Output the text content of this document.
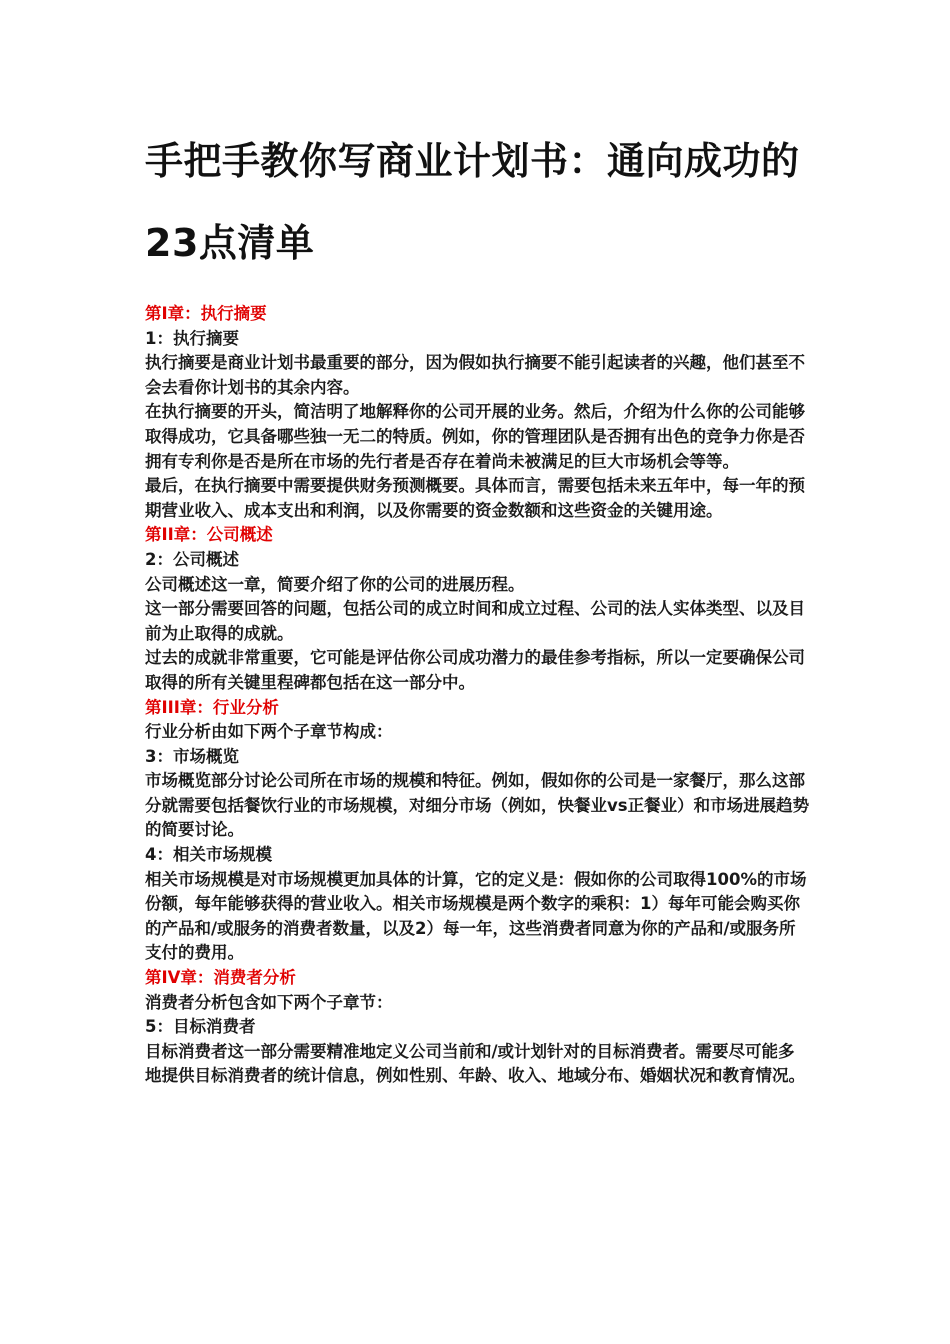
手把手教你写商业计划书：通向成功的
23点清单

第I章：执行摘要

1：执行摘要

执行摘要是商业计划书最重要的部分，因为假如执行摘要不能引起读者的兴趣，他们甚至不会去看你计划书的其余内容。

在执行摘要的开头，简洁明了地解释你的公司开展的业务。然后，介绍为什么你的公司能够取得成功，它具备哪些独一无二的特质。例如，你的管理团队是否拥有出色的竞争力你是否拥有专利你是否是所在市场的先行者是否存在着尚未被满足的巨大市场机会等等。

最后，在执行摘要中需要提供财务预测概要。具体而言，需要包括未来五年中，每一年的预期营业收入、成本支出和利润，以及你需要的资金数额和这些资金的关键用途。

第II章：公司概述

2：公司概述

公司概述这一章，简要介绍了你的公司的进展历程。

这一部分需要回答的问题，包括公司的成立时间和成立过程、公司的法人实体类型、以及目前为止取得的成就。

过去的成就非常重要，它可能是评估你公司成功潜力的最佳参考指标，所以一定要确保公司取得的所有关键里程碑都包括在这一部分中。

第III章：行业分析

行业分析由如下两个子章节构成：

3：市场概览

市场概览部分讨论公司所在市场的规模和特征。例如，假如你的公司是一家餐厅，那么这部分就需要包括餐饮行业的市场规模，对细分市场（例如，快餐业vs正餐业）和市场进展趋势的简要讨论。

4：相关市场规模

相关市场规模是对市场规模更加具体的计算，它的定义是：假如你的公司取得100%的市场份额，每年能够获得的营业收入。相关市场规模是两个数字的乘积：1）每年可能会购买你的产品和/或服务的消费者数量，以及2）每一年，这些消费者同意为你的产品和/或服务所支付的费用。

第IV章：消费者分析

消费者分析包含如下两个子章节：

5：目标消费者

目标消费者这一部分需要精准地定义公司当前和/或计划针对的目标消费者。需要尽可能多地提供目标消费者的统计信息，例如性别、年龄、收入、地域分布、婚姻状况和教育情况。
